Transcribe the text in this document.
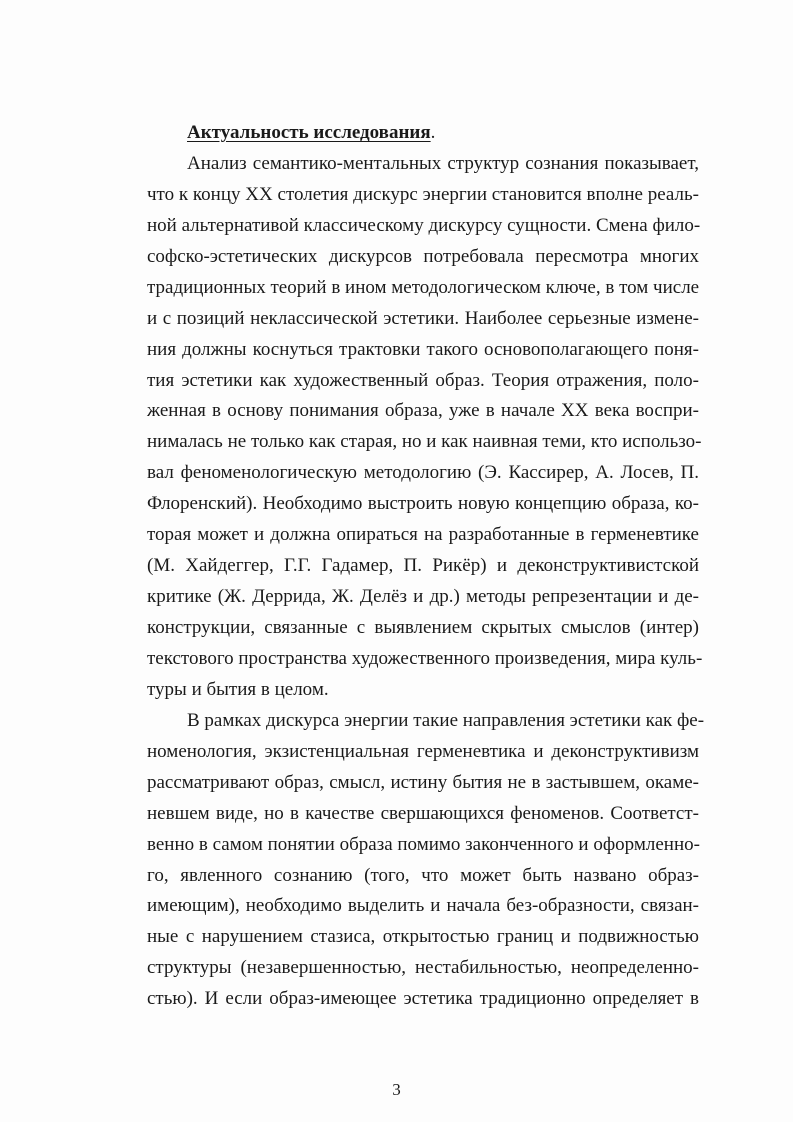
Актуальность исследования.
Анализ семантико-ментальных структур сознания показывает,
что к концу XX столетия дискурс энергии становится вполне реаль-
ной альтернативой классическому дискурсу сущности. Смена фило-
софско-эстетических дискурсов потребовала пересмотра многих
традиционных теорий в ином методологическом ключе, в том числе
и с позиций неклассической эстетики. Наиболее серьезные измене-
ния должны коснуться трактовки такого основополагающего поня-
тия эстетики как художественный образ. Теория отражения, поло-
женная в основу понимания образа, уже в начале XX века воспри-
нималась не только как старая, но и как наивная теми, кто использо-
вал феноменологическую методологию (Э. Кассирер, А. Лосев, П.
Флоренский). Необходимо выстроить новую концепцию образа, ко-
торая может и должна опираться на разработанные в герменевтике
(М. Хайдеггер, Г.Г. Гадамер, П. Рикёр) и деконструктивистской
критике (Ж. Деррида, Ж. Делёз и др.) методы репрезентации и де-
конструкции, связанные с выявлением скрытых смыслов (интер)
текстового пространства художественного произведения, мира куль-
туры и бытия в целом.
В рамках дискурса энергии такие направления эстетики как фе-
номенология, экзистенциальная герменевтика и деконструктивизм
рассматривают образ, смысл, истину бытия не в застывшем, окаме-
невшем виде, но в качестве свершающихся феноменов. Соответст-
венно в самом понятии образа помимо законченного и оформленно-
го, явленного сознанию (того, что может быть названо образ-
имеющим), необходимо выделить и начала без-образности, связан-
ные с нарушением стазиса, открытостью границ и подвижностью
структуры (незавершенностью, нестабильностью, неопределенно-
стью). И если образ-имеющее эстетика традиционно определяет в
3
